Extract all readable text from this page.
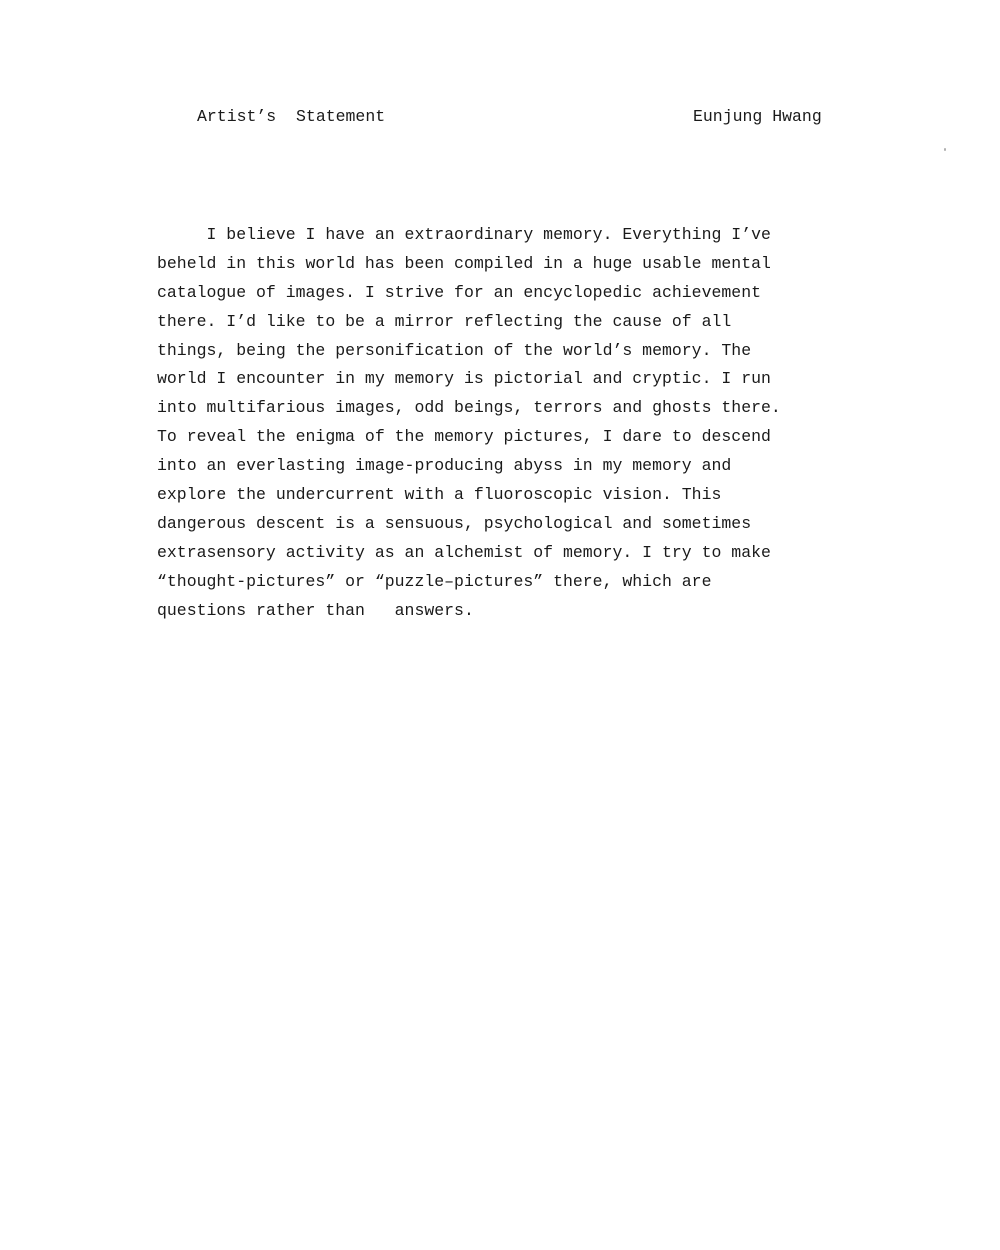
Artist’s  Statement	Eunjung Hwang
I believe I have an extraordinary memory. Everything I’ve
beheld in this world has been compiled in a huge usable mental
catalogue of images. I strive for an encyclopedic achievement
there. I’d like to be a mirror reflecting the cause of all
things, being the personification of the world’s memory. The
world I encounter in my memory is pictorial and cryptic. I run
into multifarious images, odd beings, terrors and ghosts there.
To reveal the enigma of the memory pictures, I dare to descend
into an everlasting image-producing abyss in my memory and
explore the undercurrent with a fluoroscopic vision. This
dangerous descent is a sensuous, psychological and sometimes
extrasensory activity as an alchemist of memory. I try to make
“thought-pictures” or “puzzle–pictures” there, which are
questions rather than   answers.
